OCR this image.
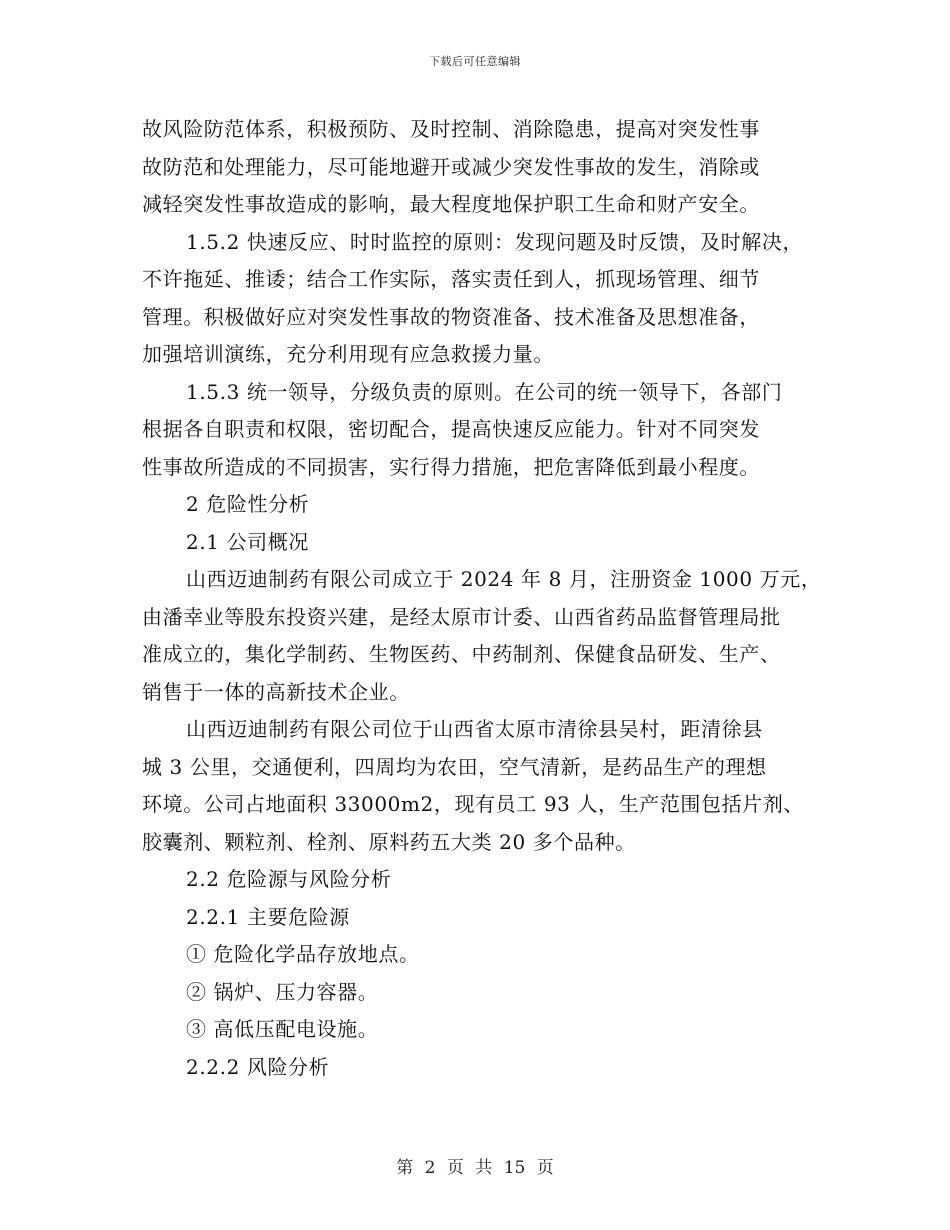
下载后可任意编辑
故风险防范体系，积极预防、及时控制、消除隐患，提高对突发性事
故防范和处理能力，尽可能地避开或减少突发性事故的发生，消除或
减轻突发性事故造成的影响，最大程度地保护职工生命和财产安全。
1.5.2 快速反应、时时监控的原则：发现问题及时反馈，及时解决，
不许拖延、推诿；结合工作实际，落实责任到人，抓现场管理、细节
管理。积极做好应对突发性事故的物资准备、技术准备及思想准备，
加强培训演练，充分利用现有应急救援力量。
1.5.3 统一领导，分级负责的原则。在公司的统一领导下，各部门
根据各自职责和权限，密切配合，提高快速反应能力。针对不同突发
性事故所造成的不同损害，实行得力措施，把危害降低到最小程度。
2 危险性分析
2.1 公司概况
山西迈迪制药有限公司成立于 2024 年 8 月，注册资金 1000 万元，
由潘幸业等股东投资兴建，是经太原市计委、山西省药品监督管理局批
准成立的，集化学制药、生物医药、中药制剂、保健食品研发、生产、
销售于一体的高新技术企业。
山西迈迪制药有限公司位于山西省太原市清徐县吴村，距清徐县
城 3 公里，交通便利，四周均为农田，空气清新，是药品生产的理想
环境。公司占地面积 33000m2，现有员工 93 人，生产范围包括片剂、
胶囊剂、颗粒剂、栓剂、原料药五大类 20 多个品种。
2.2 危险源与风险分析
2.2.1 主要危险源
① 危险化学品存放地点。
② 锅炉、压力容器。
③ 高低压配电设施。
2.2.2 风险分析
第 2 页 共 15 页
